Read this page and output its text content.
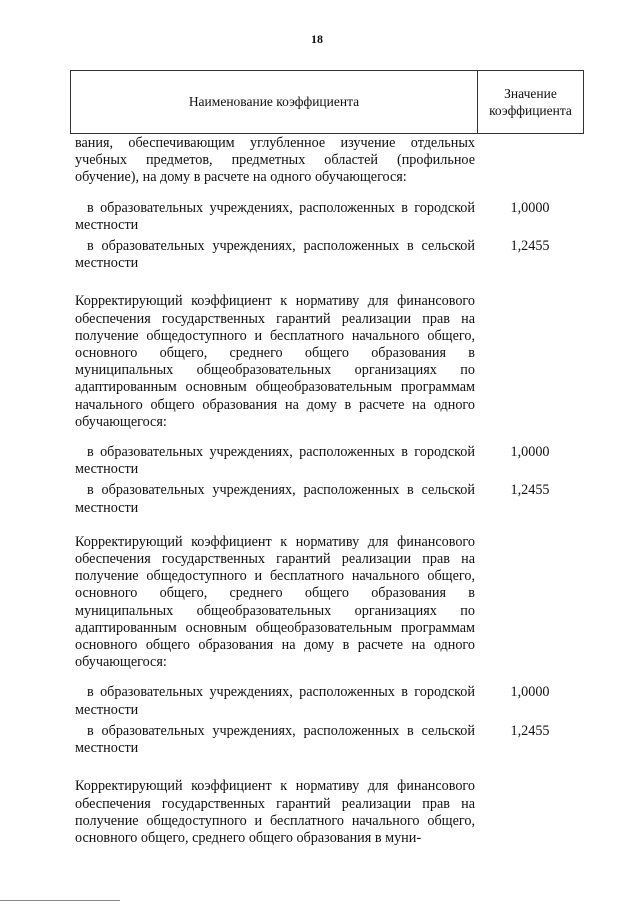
18
Наименование коэффициента
Значение
коэффициента
вания, обеспечивающим углубленное изучение отдельных учебных предметов, предметных областей (профильное обучение), на дому в расчете на одного обучающегося:
в образовательных учреждениях, расположенных в городской местности
1,0000
в образовательных учреждениях, расположенных в сельской местности
1,2455
Корректирующий коэффициент к нормативу для финансового обеспечения государственных гарантий реализации прав на получение общедоступного и бесплатного начального общего, основного общего, среднего общего образования в муниципальных общеобразовательных организациях по адаптированным основным общеобразовательным программам начального общего образования на дому в расчете на одного обучающегося:
в образовательных учреждениях, расположенных в городской местности
1,0000
в образовательных учреждениях, расположенных в сельской местности
1,2455
Корректирующий коэффициент к нормативу для финансового обеспечения государственных гарантий реализации прав на получение общедоступного и бесплатного начального общего, основного общего, среднего общего образования в муниципальных общеобразовательных организациях по адаптированным основным общеобразовательным программам основного общего образования на дому в расчете на одного обучающегося:
в образовательных учреждениях, расположенных в городской местности
1,0000
в образовательных учреждениях, расположенных в сельской местности
1,2455
Корректирующий коэффициент к нормативу для финансового обеспечения государственных гарантий реализации прав на получение общедоступного и бесплатного начального общего, основного общего, среднего общего образования в муни-
